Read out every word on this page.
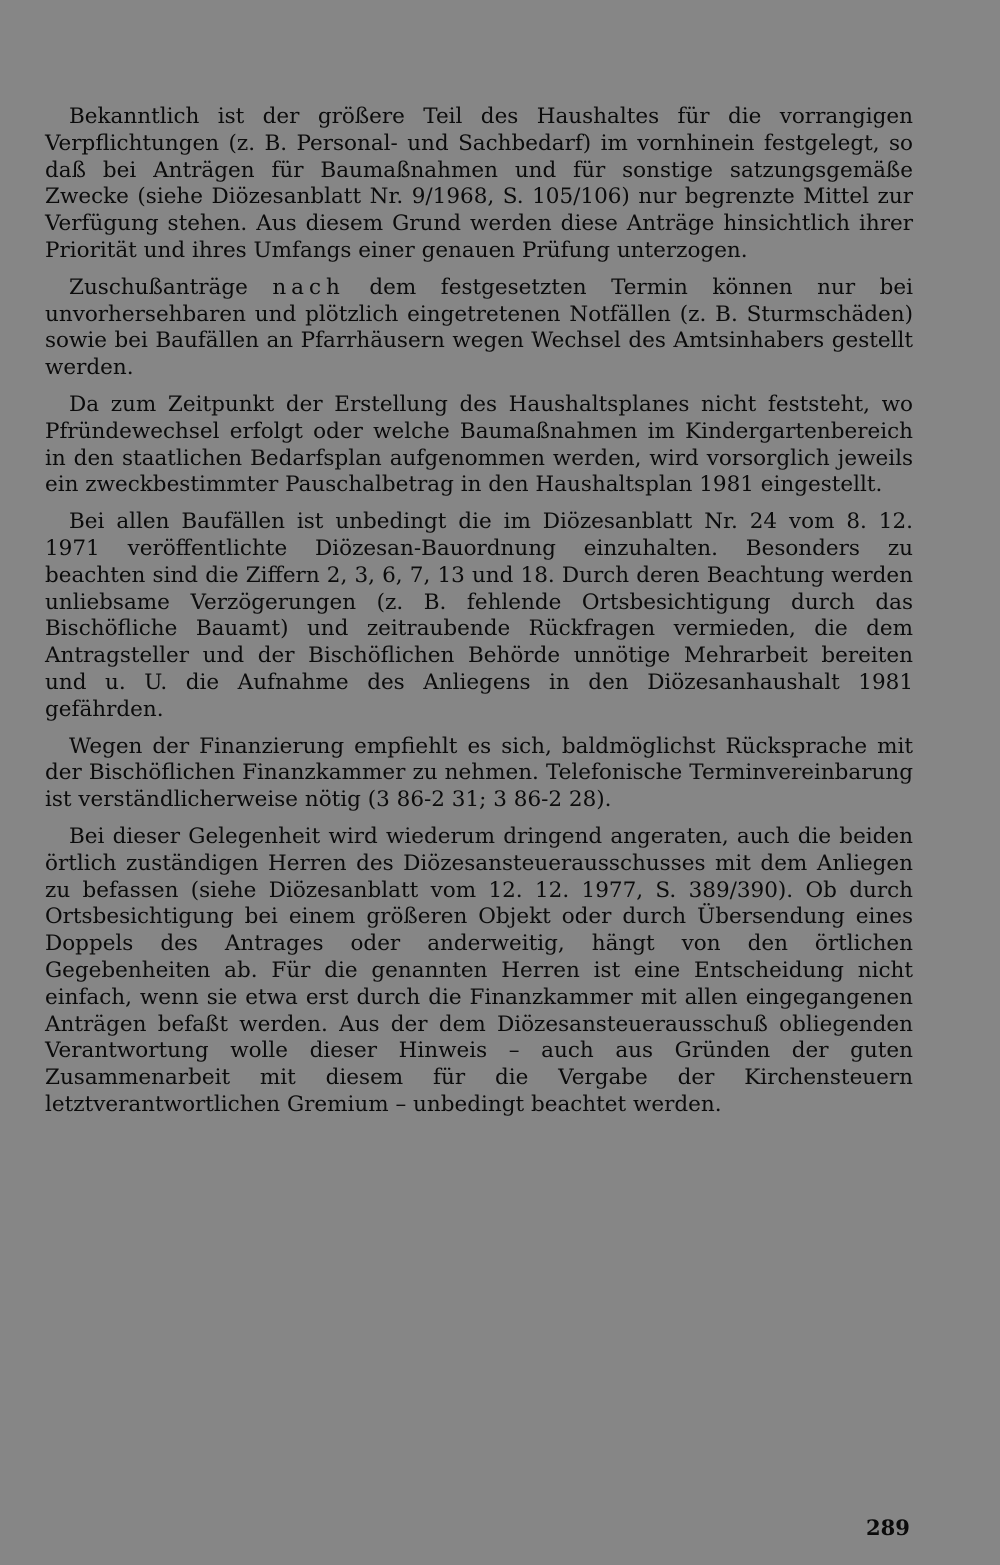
Bekanntlich ist der größere Teil des Haushaltes für die vorrangigen Verpflichtungen (z. B. Personal- und Sachbedarf) im vornhinein festgelegt, so daß bei Anträgen für Baumaßnahmen und für sonstige satzungsgemäße Zwecke (siehe Diözesanblatt Nr. 9/1968, S. 105/106) nur begrenzte Mittel zur Verfügung stehen. Aus diesem Grund werden diese Anträge hinsichtlich ihrer Priorität und ihres Umfangs einer genauen Prüfung unterzogen.

Zuschußanträge nach dem festgesetzten Termin können nur bei unvorhersehbaren und plötzlich eingetretenen Notfällen (z. B. Sturmschäden) sowie bei Baufällen an Pfarrhäusern wegen Wechsel des Amtsinhabers gestellt werden.

Da zum Zeitpunkt der Erstellung des Haushaltsplanes nicht feststeht, wo Pfründewechsel erfolgt oder welche Baumaßnahmen im Kindergartenbereich in den staatlichen Bedarfsplan aufgenommen werden, wird vorsorglich jeweils ein zweckbestimmter Pauschalbetrag in den Haushaltsplan 1981 eingestellt.

Bei allen Baufällen ist unbedingt die im Diözesanblatt Nr. 24 vom 8. 12. 1971 veröffentlichte Diözesan-Bauordnung einzuhalten. Besonders zu beachten sind die Ziffern 2, 3, 6, 7, 13 und 18. Durch deren Beachtung werden unliebsame Verzögerungen (z. B. fehlende Ortsbesichtigung durch das Bischöfliche Bauamt) und zeitraubende Rückfragen vermieden, die dem Antragsteller und der Bischöflichen Behörde unnötige Mehrarbeit bereiten und u. U. die Aufnahme des Anliegens in den Diözesanhaushalt 1981 gefährden.

Wegen der Finanzierung empfiehlt es sich, baldmöglichst Rücksprache mit der Bischöflichen Finanzkammer zu nehmen. Telefonische Terminvereinbarung ist verständlicherweise nötig (3 86-2 31; 3 86-2 28).

Bei dieser Gelegenheit wird wiederum dringend angeraten, auch die beiden örtlich zuständigen Herren des Diözesansteuerausschusses mit dem Anliegen zu befassen (siehe Diözesanblatt vom 12. 12. 1977, S. 389/390). Ob durch Ortsbesichtigung bei einem größeren Objekt oder durch Übersendung eines Doppels des Antrages oder anderweitig, hängt von den örtlichen Gegebenheiten ab. Für die genannten Herren ist eine Entscheidung nicht einfach, wenn sie etwa erst durch die Finanzkammer mit allen eingegangenen Anträgen befaßt werden. Aus der dem Diözesansteuerausschuß obliegenden Verantwortung wolle dieser Hinweis – auch aus Gründen der guten Zusammenarbeit mit diesem für die Vergabe der Kirchensteuern letztverantwortlichen Gremium – unbedingt beachtet werden.

289
